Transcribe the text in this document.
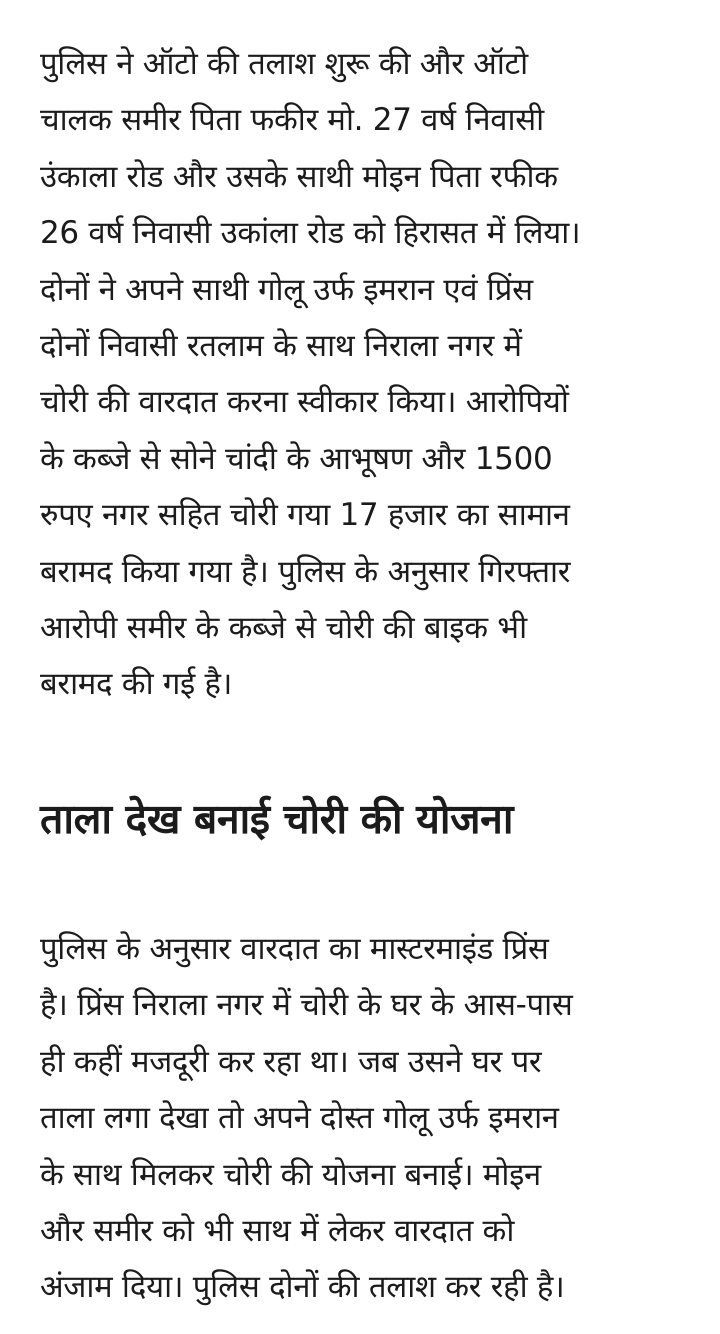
पुलिस ने ऑटो की तलाश शुरू की और ऑटो
चालक समीर पिता फकीर मो. 27 वर्ष निवासी
उंकाला रोड और उसके साथी मोइन पिता रफीक
26 वर्ष निवासी उकांला रोड को हिरासत में लिया।
दोनों ने अपने साथी गोलू उर्फ इमरान एवं प्रिंस
दोनों निवासी रतलाम के साथ निराला नगर में
चोरी की वारदात करना स्वीकार किया। आरोपियों
के कब्जे से सोने चांदी के आभूषण और 1500
रुपए नगर सहित चोरी गया 17 हजार का सामान
बरामद किया गया है। पुलिस के अनुसार गिरफ्तार
आरोपी समीर के कब्जे से चोरी की बाइक भी
बरामद की गई है।

ताला देख बनाई चोरी की योजना

पुलिस के अनुसार वारदात का मास्टरमाइंड प्रिंस
है। प्रिंस निराला नगर में चोरी के घर के आस-पास
ही कहीं मजदूरी कर रहा था। जब उसने घर पर
ताला लगा देखा तो अपने दोस्त गोलू उर्फ इमरान
के साथ मिलकर चोरी की योजना बनाई। मोइन
और समीर को भी साथ में लेकर वारदात को
अंजाम दिया। पुलिस दोनों की तलाश कर रही है।
